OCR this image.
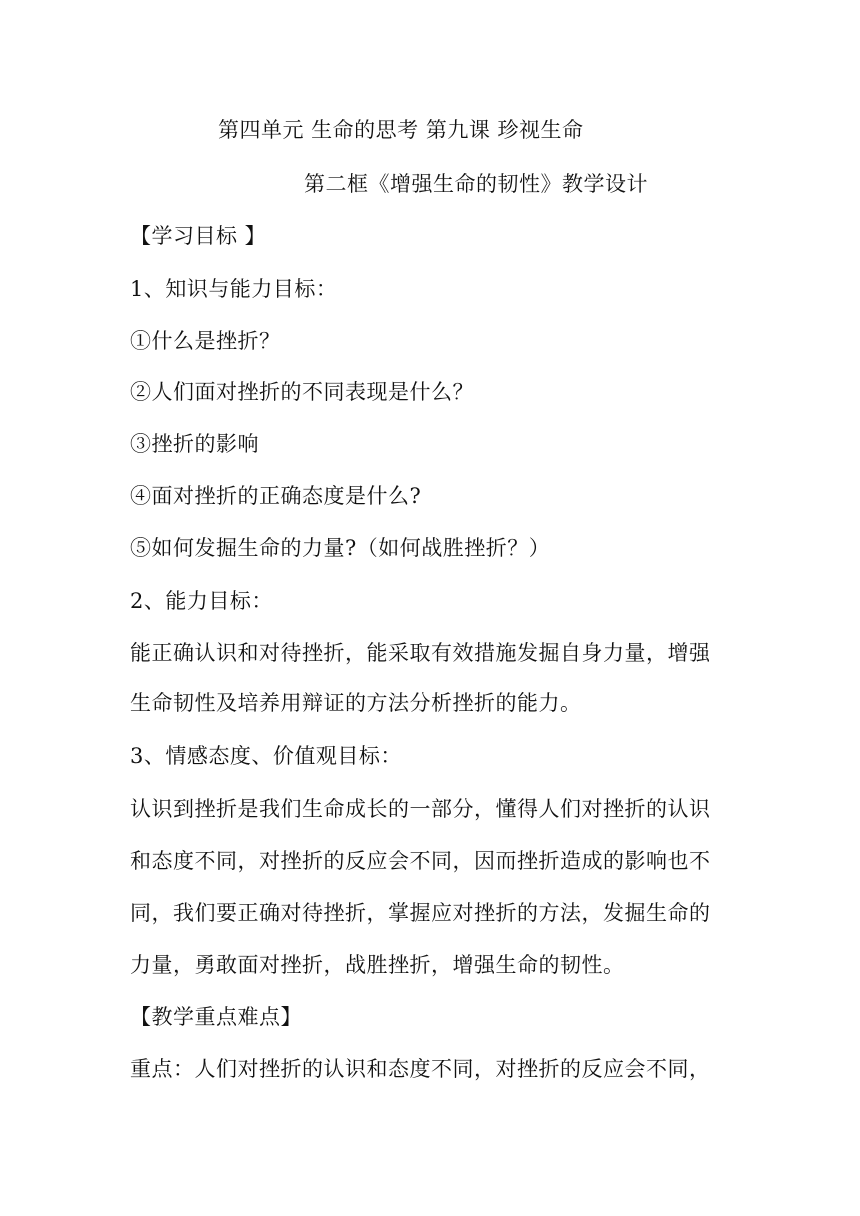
第四单元 生命的思考 第九课 珍视生命
第二框《增强生命的韧性》教学设计
【学习目标 】
1、知识与能力目标：
①什么是挫折？
②人们面对挫折的不同表现是什么？
③挫折的影响
④面对挫折的正确态度是什么?
⑤如何发掘生命的力量?（如何战胜挫折？）
2、能力目标：
能正确认识和对待挫折，能采取有效措施发掘自身力量，增强
生命韧性及培养用辩证的方法分析挫折的能力。
3、情感态度、价值观目标：
认识到挫折是我们生命成长的一部分，懂得人们对挫折的认识
和态度不同，对挫折的反应会不同，因而挫折造成的影响也不
同，我们要正确对待挫折，掌握应对挫折的方法，发掘生命的
力量，勇敢面对挫折，战胜挫折，增强生命的韧性。
【教学重点难点】
重点：人们对挫折的认识和态度不同，对挫折的反应会不同，
